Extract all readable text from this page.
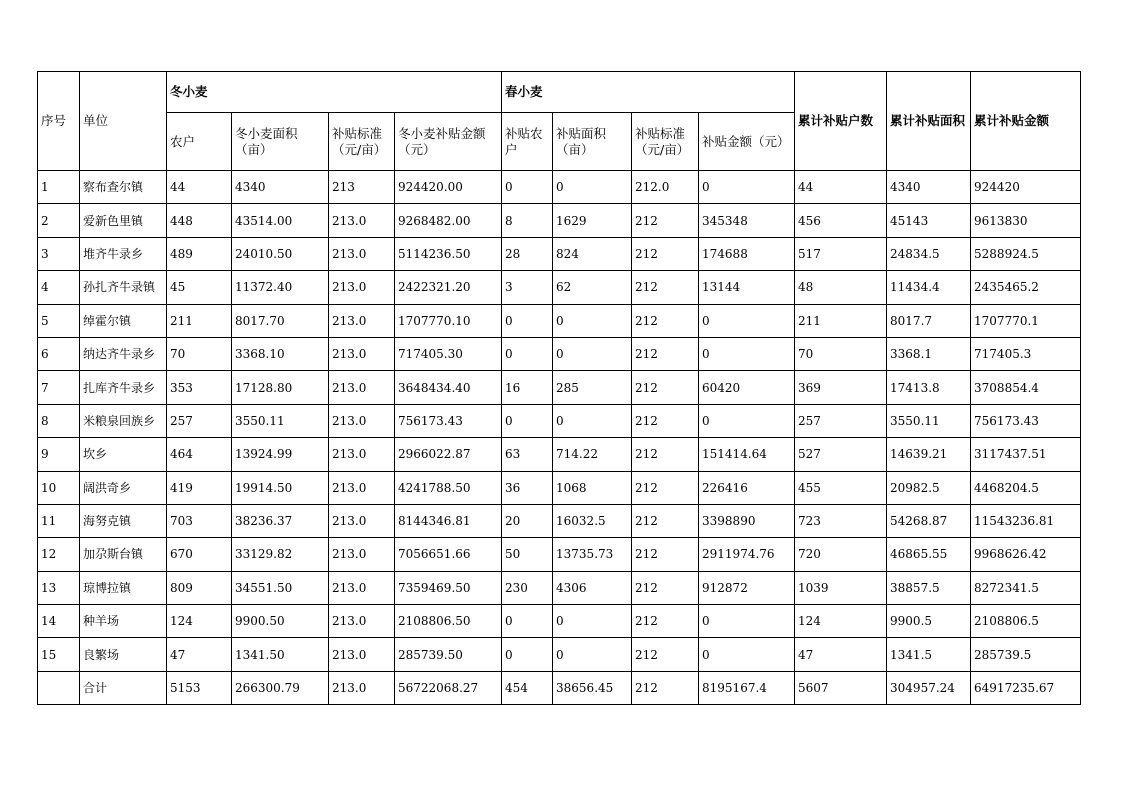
序号	单位	冬小麦				春小麦				累计补贴户数	累计补贴面积	累计补贴金额
		农户	冬小麦面积（亩）	补贴标准（元/亩）	冬小麦补贴金额（元）	补贴农户	补贴面积（亩）	补贴标准（元/亩）	补贴金额（元）			
1	察布查尔镇	44	4340	213	924420.00	0	0	212.0	0	44	4340	924420
2	爱新色里镇	448	43514.00	213.0	9268482.00	8	1629	212	345348	456	45143	9613830
3	堆齐牛录乡	489	24010.50	213.0	5114236.50	28	824	212	174688	517	24834.5	5288924.5
4	孙扎齐牛录镇	45	11372.40	213.0	2422321.20	3	62	212	13144	48	11434.4	2435465.2
5	绰霍尔镇	211	8017.70	213.0	1707770.10	0	0	212	0	211	8017.7	1707770.1
6	纳达齐牛录乡	70	3368.10	213.0	717405.30	0	0	212	0	70	3368.1	717405.3
7	扎库齐牛录乡	353	17128.80	213.0	3648434.40	16	285	212	60420	369	17413.8	3708854.4
8	米粮泉回族乡	257	3550.11	213.0	756173.43	0	0	212	0	257	3550.11	756173.43
9	坎乡	464	13924.99	213.0	2966022.87	63	714.22	212	151414.64	527	14639.21	3117437.51
10	阔洪奇乡	419	19914.50	213.0	4241788.50	36	1068	212	226416	455	20982.5	4468204.5
11	海努克镇	703	38236.37	213.0	8144346.81	20	16032.5	212	3398890	723	54268.87	11543236.81
12	加尕斯台镇	670	33129.82	213.0	7056651.66	50	13735.73	212	2911974.76	720	46865.55	9968626.42
13	琼博拉镇	809	34551.50	213.0	7359469.50	230	4306	212	912872	1039	38857.5	8272341.5
14	种羊场	124	9900.50	213.0	2108806.50	0	0	212	0	124	9900.5	2108806.5
15	良繁场	47	1341.50	213.0	285739.50	0	0	212	0	47	1341.5	285739.5
	合计	5153	266300.79	213.0	56722068.27	454	38656.45	212	8195167.4	5607	304957.24	64917235.67
